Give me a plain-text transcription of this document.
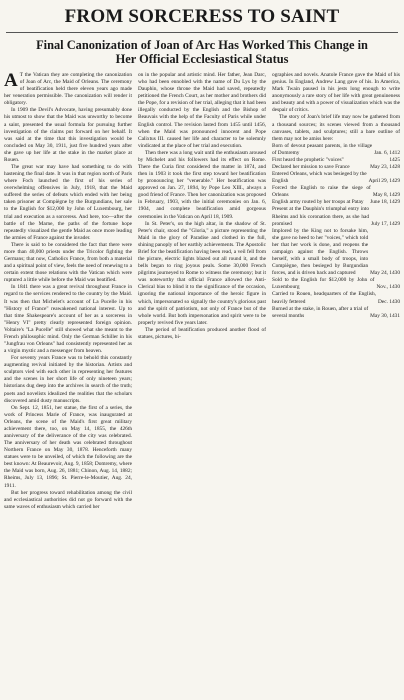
FROM SORCERESS TO SAINT
Final Canonization of Joan of Arc Has Worked This Change in
Her Official Ecclesiastical Status

A T the Vatican they are completing the canonization of Joan of Arc, the Maid of Orleans. The ceremony of beatification held there eleven years ago made her veneration permissible. The canonization will render it obligatory.

In 1909 the Devil's Advocate, having presumably done his utmost to show that the Maid was unworthy to become a saint, presented the usual formula for pursuing further investigation of the claims put forward on her behalf. It was said at the time that this investigation would be concluded on May 30, 1911, just five hundred years after she gave up her life at the stake in the market place at Rouen.

The great war may have had something to do with hastening the final date. It was in that region north of Paris where Foch launched the first of his series of overwhelming offensives in July, 1918, that the Maid suffered the series of defeats which ended with her being taken prisoner at Compiègne by the Burgundians, her sale to the English for $12,000 by John of Luxembourg, her trial and execution as a sorceress. And here, too—after the battle of the Marne, the paths of the fortune hope repeatedly visualized the gentle Maid as once more leading the armies of France against the invader.

There is said to be considered the fact that there were more than 40,000 priests under the Tricolor fighting the Germans; that now, Catholics France, from both a material and a spiritual point of view, feels the need of renewing to a certain extent those relations with the Vatican which were ruptured a little while before the Maid was beatified.

In 1841 there was a great revival throughout France in regard to the services rendered to the country by the Maid. It was then that Michelet's account of La Pucelle in his "History of France" reawakened national interest. Up to that time Shakespeare's account of her as a sorceress in "Henry VI" pretty clearly represented foreign opinion. Voltaire's "La Pucelle" still showed what she meant to the French philosophic mind. Only the German Schiller in his "Jungfrau von Orleans" had consistently represented her as a virgin mystic and a messenger from heaven.

For seventy years France was to behold this constantly augmenting revival initiated by the historian. Artists and sculptors vied with each other in representing her features and the scenes in her short life of only nineteen years; historians dug deep into the archives in search of the truth; poets and novelists idealized the realities that the scholars discovered amid dusty manuscripts.

On Sept. 12, 1851, her statue, the first of a series, the work of Princess Marie of France, was inaugurated at Orleans, the scene of the Maid's first great military achievement there, too, on May 14, 1855, the 426th anniversary of the deliverance of the city was celebrated. The anniversary of her death was celebrated throughout Northern France on May 30, 1878. Henceforth many statues were to be unveiled, of which the following are the best known: At Beaurevoir, Aug. 9, 1858; Domremy, where the Maid was born, Aug. 26, 1881; Chinon, Aug. 14, 1882; Rheims, July 13, 1896; St. Pierre-le-Moutier, Aug. 24, 1911.

But her progress toward rehabilitation among the civil and ecclesiastical authorities did not go forward with the same waves of enthusiasm which carried her

on in the popular and artistic mind. Her father, Jean Darc, who had been ennobled with the name of Du Lys by the Dauphin, whose throne the Maid had saved, repeatedly petitioned the French Court, as her mother and brothers did the Pope, for a revision of her trial, alleging that it had been illegally conducted by the English and the Bishop of Beauvais with the help of the Faculty of Paris while under English control. The revision lasted from 1455 until 1456, when the Maid was pronounced innocent and Pope Calixtus III. caused her life and character to be solemnly vindicated at the place of her trial and execution.

Then there was a long wait until the enthusiasm aroused by Michelet and his followers had its effect on Rome. There the Curia first considered the matter in 1874, and then in 1903 it took the first step toward her beatification by pronouncing her "venerable." Her beatification was approved on Jan. 27, 1894, by Pope Leo XIII., always a good friend of France. Then her canonization was proposed in February, 1903, with the initial ceremonies on Jan. 6, 1904, and complete beatification amid gorgeous ceremonies in the Vatican on April 18, 1909.

In St. Peter's, on the high altar, in the shadow of St. Peter's chair, stood the "Gloria," a picture representing the Maid in the glory of Paradise and clothed in the full, shining panoply of her earthly achievements. The Apostolic Brief for the beatification having been read, a veil fell from the picture, electric lights blazed out all round it, and the bells began to ring joyous peals. Some 30,000 French pilgrims journeyed to Rome to witness the ceremony; but it was noteworthy that official France allowed the Anti-Clerical bias to blind it to the significance of the occasion, ignoring the national importance of the heroic figure in which, impersonated so signally the country's glorious past and the spirit of patriotism, not only of France but of the whole world. But both impersonation and spirit were to be properly revived five years later.

The period of beatification produced another flood of statues, pictures, bi-

ographies and novels. Anatole France gave the Maid of his genius. In England, Andrew Lang gave of his. In America, Mark Twain paused in his jests long enough to write anonymously a rare story of her life with great genuineness and beauty and with a power of visualization which was the despair of critics.

The story of Joan's brief life may now be gathered from a thousand sources; its scenes viewed from a thousand canvases, tablets, and sculptures; still a bare outline of them may not be amiss here:

Born of devout peasant parents, in the village of Domremy	Jan. 6, 1412
First heard the prophetic "voices"	1425
Declared her mission to save France	May 23, 1428
Entered Orleans, which was besieged by the English	April 29, 1429
Forced the English to raise the siege of Orleans	May 8, 1429
English army routed by her troops at Patay	June 18, 1429
Present at the Dauphin's triumphal entry into Rheims and his coronation there, as she had promised	July 17, 1429
Implored by the King not to forsake him, she gave no heed to her "voices," which told her that her work is done, and reopens the campaign against the English. Throws herself, with a small body of troops, into Compiègne, then besieged by Burgundian forces, and is driven back and captured	May 24, 1430
Sold to the English for $12,000 by John of Luxembourg	Nov., 1430
Carried to Rouen, headquarters of the English, heavily fettered	Dec. 1430
Burned at the stake, in Rouen, after a trial of several months	May 30, 1431
